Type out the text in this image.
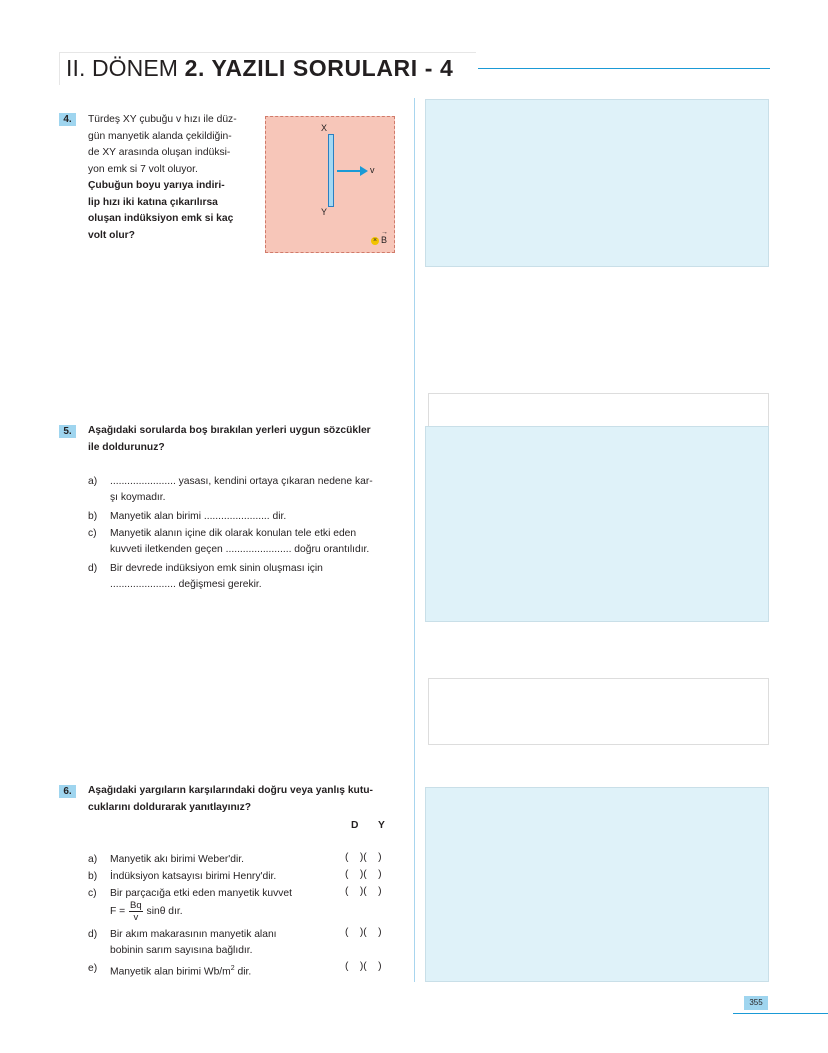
II. DÖNEM 2. YAZILI SORULARI - 4
4.	Türdeş XY çubuğu v hızı ile düz-
gün manyetik alanda çekildiğin-
de XY arasında oluşan indüksi-
yon emk si 7 volt oluyor.
Çubuğun boyu yarıya indiri-
lip hızı iki katına çıkarılırsa
oluşan indüksiyon emk si kaç
volt olur?
X
Y
v
×
→
B
5.	Aşağıdaki sorularda boş bırakılan yerleri uygun sözcükler
ile doldurunuz?
a)	....................... yasası, kendini ortaya çıkaran nedene kar-
şı koymadır.
b)	Manyetik alan birimi ....................... dir.
c)	Manyetik alanın içine dik olarak konulan tele etki eden
kuvveti iletkenden geçen ....................... doğru orantılıdır.
d)	Bir devrede indüksiyon emk sinin oluşması için
....................... değişmesi gerekir.
6.	Aşağıdaki yargıların karşılarındaki doğru veya yanlış kutu-
cuklarını doldurarak yanıtlayınız?
D Y
a) Manyetik akı birimi Weber'dir.	(    )(    )
b) İndüksiyon katsayısı birimi Henry'dir.	(    )(    )
c) Bir parçacığa etki eden manyetik kuvvet	(    )(    )
$F = \frac{Bq}{v}$ sinθ dır.
d) Bir akım makarasının manyetik alanı
bobinin sarım sayısına bağlıdır.
(    )(    )
e) Manyetik alan birimi $Wb/m^2$ dir.	(    )(    )
355
